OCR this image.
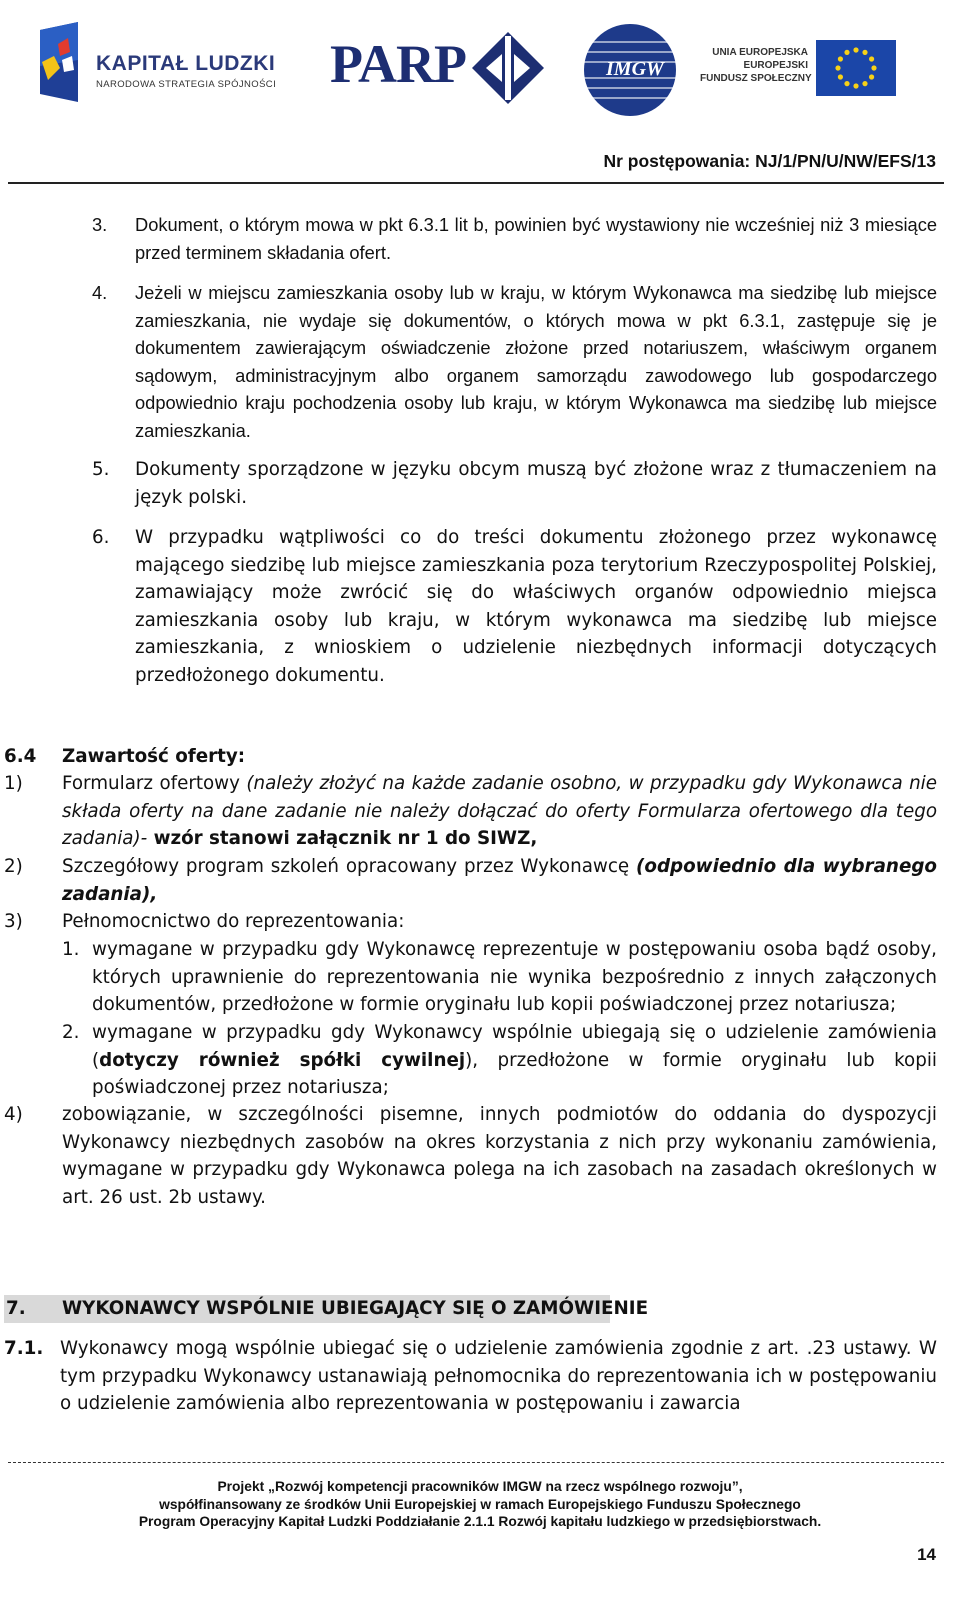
KAPITAŁ LUDZKI
NARODOWA STRATEGIA SPÓJNOŚCI PARP	IMGW
UNIA EUROPEJSKA
EUROPEJSKI
FUNDUSZ SPOŁECZNY
Nr postępowania: NJ/1/PN/U/NW/EFS/13
3. Dokument, o którym mowa w pkt 6.3.1 lit b, powinien być wystawiony nie wcześniej niż 3 miesiące przed terminem składania ofert.
4. Jeżeli w miejscu zamieszkania osoby lub w kraju, w którym Wykonawca ma siedzibę lub miejsce zamieszkania, nie wydaje się dokumentów, o których mowa w pkt 6.3.1, zastępuje się je dokumentem zawierającym oświadczenie złożone przed notariuszem, właściwym organem sądowym, administracyjnym albo organem samorządu zawodowego lub gospodarczego odpowiednio kraju pochodzenia osoby lub kraju, w którym Wykonawca ma siedzibę lub miejsce zamieszkania.
5. Dokumenty sporządzone w języku obcym muszą być złożone wraz z tłumaczeniem na język polski.
6. W przypadku wątpliwości co do treści dokumentu złożonego przez wykonawcę mającego siedzibę lub miejsce zamieszkania poza terytorium Rzeczypospolitej Polskiej, zamawiający może zwrócić się do właściwych organów odpowiednio miejsca zamieszkania osoby lub kraju, w którym wykonawca ma siedzibę lub miejsce zamieszkania, z wnioskiem o udzielenie niezbędnych informacji dotyczących przedłożonego dokumentu.
6.4 Zawartość oferty:
1) Formularz ofertowy (należy złożyć na każde zadanie osobno, w przypadku gdy Wykonawca nie składa oferty na dane zadanie nie należy dołączać do oferty Formularza ofertowego dla tego zadania)- wzór stanowi załącznik nr 1 do SIWZ,
2) Szczegółowy program szkoleń opracowany przez Wykonawcę (odpowiednio dla wybranego zadania),
3) Pełnomocnictwo do reprezentowania:
1. wymagane w przypadku gdy Wykonawcę reprezentuje w postępowaniu osoba bądź osoby, których uprawnienie do reprezentowania nie wynika bezpośrednio z innych załączonych dokumentów, przedłożone w formie oryginału lub kopii poświadczonej przez notariusza;
2. wymagane w przypadku gdy Wykonawcy wspólnie ubiegają się o udzielenie zamówienia (dotyczy również spółki cywilnej), przedłożone w formie oryginału lub kopii poświadczonej przez notariusza;
4) zobowiązanie, w szczególności pisemne, innych podmiotów do oddania do dyspozycji Wykonawcy niezbędnych zasobów na okres korzystania z nich przy wykonaniu zamówienia, wymagane w przypadku gdy Wykonawca polega na ich zasobach na zasadach określonych w art. 26 ust. 2b ustawy.
7. WYKONAWCY WSPÓLNIE UBIEGAJĄCY SIĘ O ZAMÓWIENIE
7.1. Wykonawcy mogą wspólnie ubiegać się o udzielenie zamówienia zgodnie z art. .23 ustawy. W tym przypadku Wykonawcy ustanawiają pełnomocnika do reprezentowania ich w postępowaniu o udzielenie zamówienia albo reprezentowania w postępowaniu i zawarcia
Projekt „Rozwój kompetencji pracowników IMGW na rzecz wspólnego rozwoju”,
współfinansowany ze środków Unii Europejskiej w ramach Europejskiego Funduszu Społecznego
Program Operacyjny Kapitał Ludzki Poddziałanie 2.1.1 Rozwój kapitału ludzkiego w przedsiębiorstwach.
14
